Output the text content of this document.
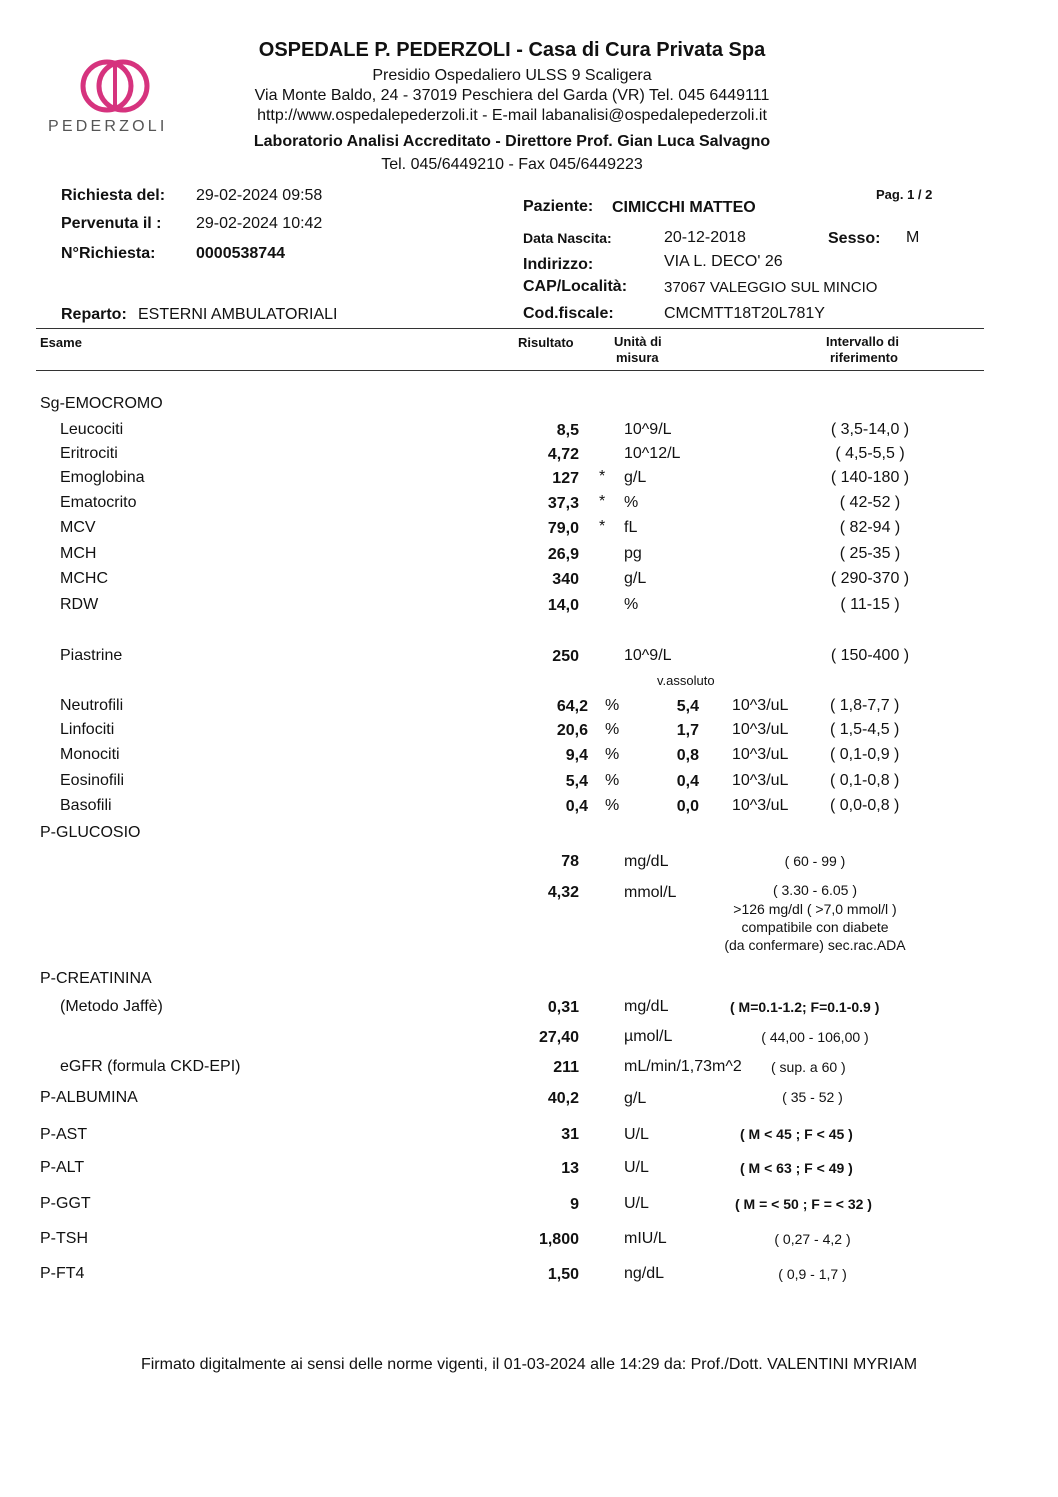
PEDERZOLI
OSPEDALE P. PEDERZOLI - Casa di Cura Privata Spa
Presidio Ospedaliero ULSS 9 Scaligera
Via Monte Baldo, 24 - 37019 Peschiera del Garda (VR) Tel. 045 6449111
http://www.ospedalepederzoli.it - E-mail labanalisi@ospedalepederzoli.it
Laboratorio Analisi Accreditato - Direttore Prof. Gian Luca Salvagno
Tel. 045/6449210 - Fax 045/6449223
Richiesta del: 29-02-2024 09:58
Pervenuta il : 29-02-2024 10:42
N°Richiesta:	0000538744
Reparto: ESTERNI AMBULATORIALI
Pag. 1 / 2
Paziente: CIMICCHI MATTEO
Data Nascita:	20-12-2018	Sesso: M
Indirizzo:	VIA L. DECO' 26
CAP/Località: 37067 VALEGGIO SUL MINCIO
Cod.fiscale:	CMCMTT18T20L781Y
Esame	Risultato	Unità di
misura
Intervallo di
riferimento
Sg-EMOCROMO
Leucociti	8,5	10^9/L	( 3,5-14,0 )
Eritrociti	4,72	10^12/L	( 4,5-5,5 )
Emoglobina	127 * g/L	( 140-180 )
Ematocrito	37,3 * %	( 42-52 )
MCV	79,0 * fL	( 82-94 )
MCH	26,9	pg	( 25-35 )
MCHC	340	g/L	( 290-370 )
RDW	14,0	%	( 11-15 )
Piastrine	250	10^9/L	( 150-400 )
v.assoluto
Neutrofili	64,2 %	5,4 10^3/uL	( 1,8-7,7 )
Linfociti	20,6 %	1,7 10^3/uL	( 1,5-4,5 )
Monociti	9,4 %	0,8 10^3/uL	( 0,1-0,9 )
Eosinofili	5,4 %	0,4 10^3/uL	( 0,1-0,8 )
Basofili	0,4 %	0,0 10^3/uL	( 0,0-0,8 )
P-GLUCOSIO
78	mg/dL	( 60 - 99 )
4,32	mmol/L	( 3.30 - 6.05 )
>126 mg/dl ( >7,0 mmol/l )
compatibile con diabete
(da confermare) sec.rac.ADA
P-CREATININA
(Metodo Jaffè)	0,31	mg/dL	( M=0.1-1.2; F=0.1-0.9 )
27,40	µmol/L	( 44,00 - 106,00 )
eGFR (formula CKD-EPI)	211	mL/min/1,73m^2 ( sup. a 60 )
P-ALBUMINA	40,2	g/L	( 35 - 52 )
P-AST	31	U/L	( M < 45 ; F < 45 )
P-ALT	13	U/L	( M < 63 ; F < 49 )
P-GGT	9	U/L	( M = < 50 ; F = < 32 )
P-TSH	1,800	mIU/L	( 0,27 - 4,2 )
P-FT4	1,50	ng/dL	( 0,9 - 1,7 )
Firmato digitalmente ai sensi delle norme vigenti, il 01-03-2024 alle 14:29 da: Prof./Dott. VALENTINI MYRIAM
